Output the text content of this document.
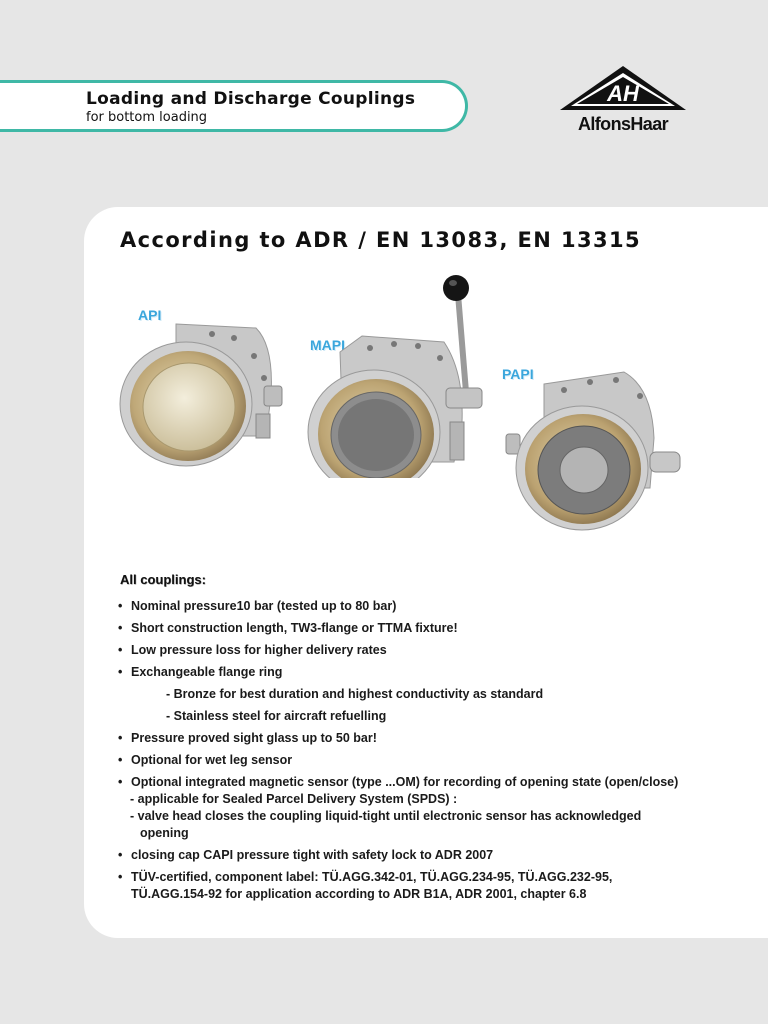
Loading and Discharge Couplings
for bottom loading
AH
AlfonsHaar
According to ADR / EN 13083, EN 13315
API
MAPI
PAPI
All couplings:
• Nominal pressure10 bar (tested up to 80 bar)
• Short construction length, TW3-flange or TTMA fixture!
• Low pressure loss for higher delivery rates
• Exchangeable flange ring
- Bronze for best duration and highest conductivity as standard
- Stainless steel for aircraft refuelling
• Pressure proved sight glass up to 50 bar!
• Optional for wet leg sensor
• Optional integrated magnetic sensor (type ...OM) for recording of opening state (open/close)
- applicable for Sealed Parcel Delivery System (SPDS) :
- valve head closes the coupling liquid-tight until electronic sensor has acknowledged
opening
• closing cap CAPI pressure tight with safety lock to ADR 2007
• TÜV-certified, component label: TÜ.AGG.342-01, TÜ.AGG.234-95, TÜ.AGG.232-95,
TÜ.AGG.154-92 for application according to ADR B1A, ADR 2001, chapter 6.8
